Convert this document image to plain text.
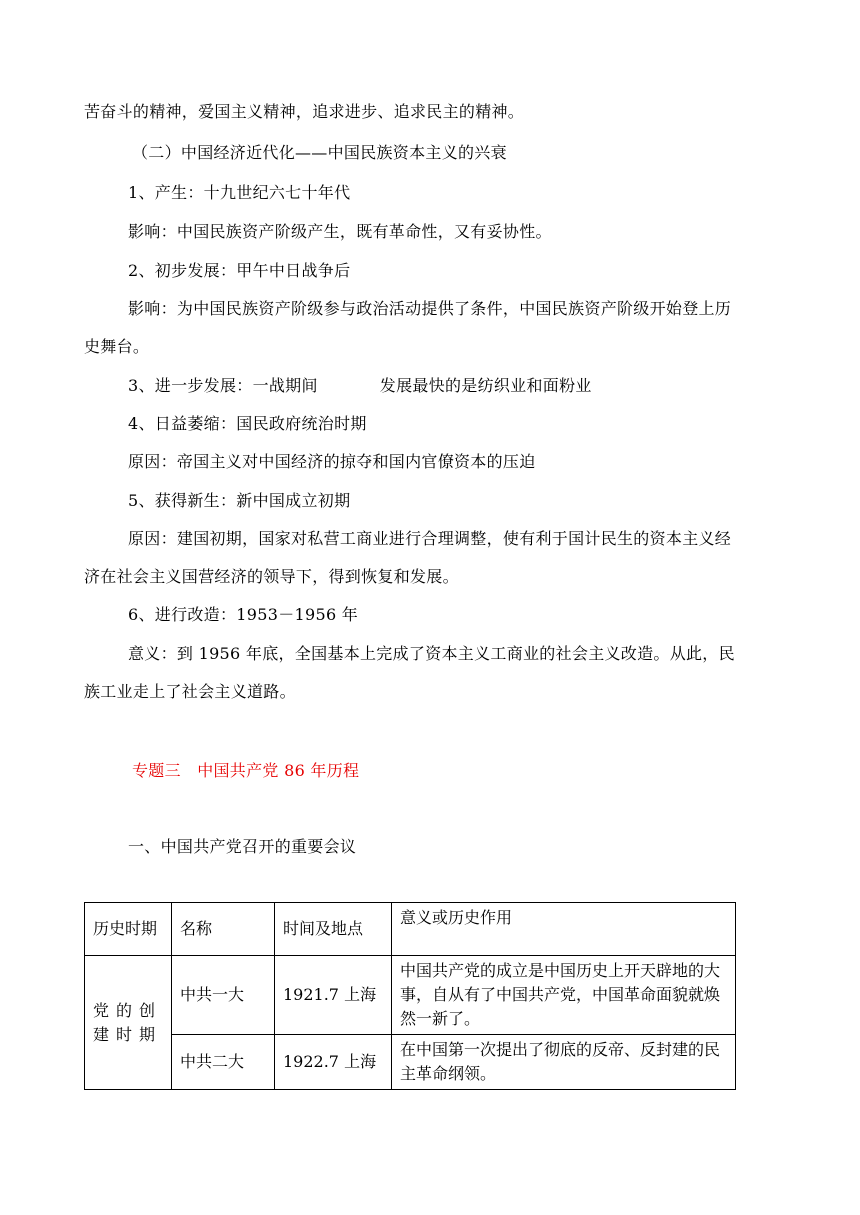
苦奋斗的精神，爱国主义精神，追求进步、追求民主的精神。
（二）中国经济近代化——中国民族资本主义的兴衰
1、产生：十九世纪六七十年代
影响：中国民族资产阶级产生，既有革命性，又有妥协性。
2、初步发展：甲午中日战争后
影响：为中国民族资产阶级参与政治活动提供了条件，中国民族资产阶级开始登上历
史舞台。
3、进一步发展：一战期间	发展最快的是纺织业和面粉业
4、日益萎缩：国民政府统治时期
原因：帝国主义对中国经济的掠夺和国内官僚资本的压迫
5、获得新生：新中国成立初期
原因：建国初期，国家对私营工商业进行合理调整，使有利于国计民生的资本主义经
济在社会主义国营经济的领导下，得到恢复和发展。
6、进行改造：1953－1956 年
意义：到 1956 年底，全国基本上完成了资本主义工商业的社会主义改造。从此，民
族工业走上了社会主义道路。
专题三　中国共产党 86 年历程
一、中国共产党召开的重要会议
历史时期	名称	时间及地点	意义或历史作用
党的创建时期	中共一大	1921.7 上海	中国共产党的成立是中国历史上开天辟地的大事，自从有了中国共产党，中国革命面貌就焕然一新了。
	中共二大	1922.7 上海	在中国第一次提出了彻底的反帝、反封建的民主革命纲领。
